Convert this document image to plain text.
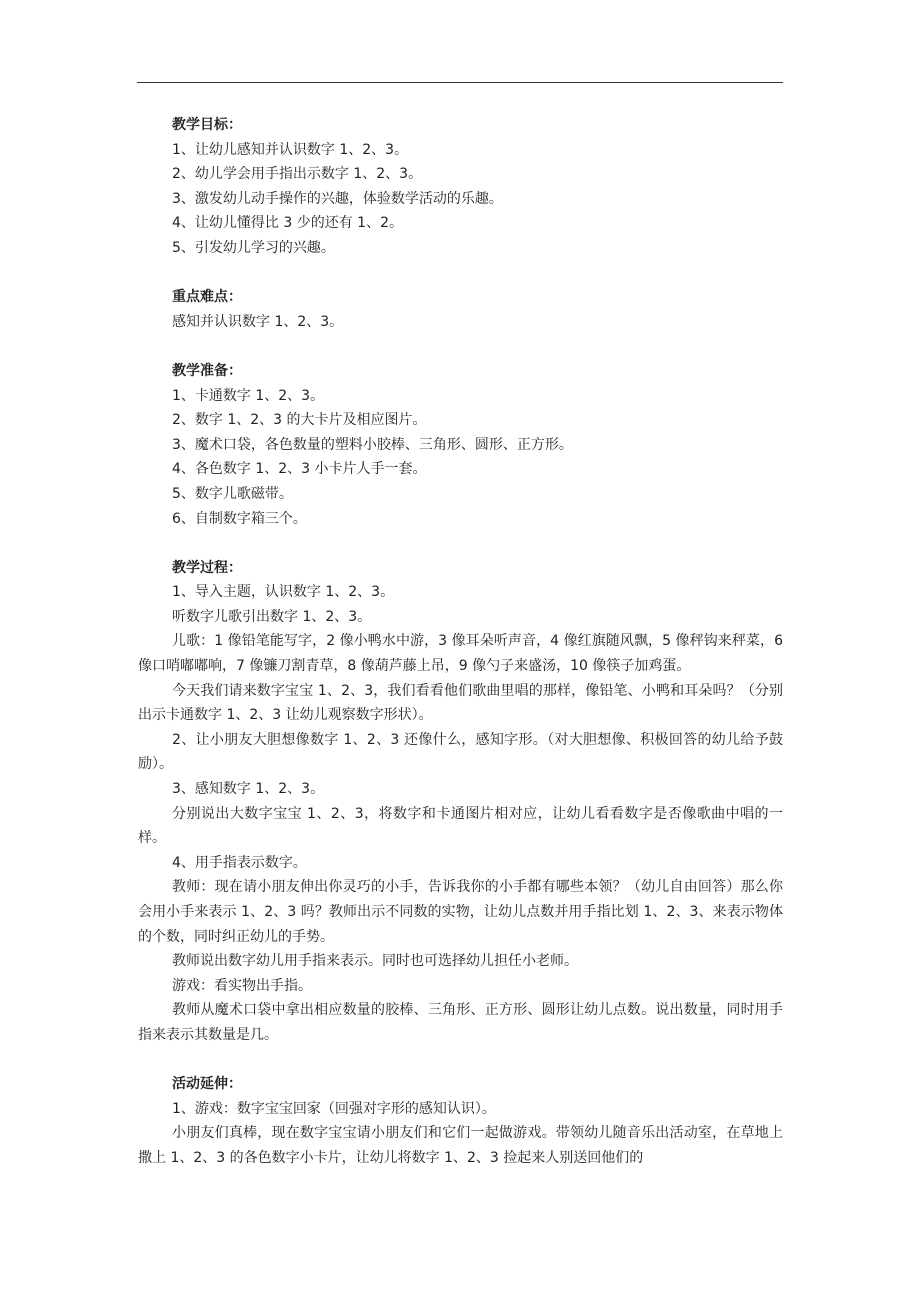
教学目标：

1、让幼儿感知并认识数字 1、2、3。

2、幼儿学会用手指出示数字 1、2、3。

3、激发幼儿动手操作的兴趣，体验数学活动的乐趣。

4、让幼儿懂得比 3 少的还有 1、2。

5、引发幼儿学习的兴趣。

重点难点：

感知并认识数字 1、2、3。

教学准备：

1、卡通数字 1、2、3。

2、数字 1、2、3 的大卡片及相应图片。

3、魔术口袋，各色数量的塑料小胶棒、三角形、圆形、正方形。

4、各色数字 1、2、3 小卡片人手一套。

5、数字儿歌磁带。

6、自制数字箱三个。

教学过程：

1、导入主题，认识数字 1、2、3。

听数字儿歌引出数字 1、2、3。

儿歌：1 像铅笔能写字，2 像小鸭水中游，3 像耳朵听声音，4 像红旗随风飘，5 像秤钩来秤菜，6 像口哨嘟嘟响，7 像镰刀割青草，8 像葫芦藤上吊，9 像勺子来盛汤，10 像筷子加鸡蛋。

今天我们请来数字宝宝 1、2、3，我们看看他们歌曲里唱的那样，像铅笔、小鸭和耳朵吗？（分别出示卡通数字 1、2、3 让幼儿观察数字形状）。

2、让小朋友大胆想像数字 1、2、3 还像什么，感知字形。（对大胆想像、积极回答的幼儿给予鼓励）。

3、感知数字 1、2、3。

分别说出大数字宝宝 1、2、3，将数字和卡通图片相对应，让幼儿看看数字是否像歌曲中唱的一样。

4、用手指表示数字。

教师：现在请小朋友伸出你灵巧的小手，告诉我你的小手都有哪些本领？（幼儿自由回答）那么你会用小手来表示 1、2、3 吗？教师出示不同数的实物，让幼儿点数并用手指比划 1、2、3、来表示物体的个数，同时纠正幼儿的手势。

教师说出数字幼儿用手指来表示。同时也可选择幼儿担任小老师。

游戏：看实物出手指。

教师从魔术口袋中拿出相应数量的胶棒、三角形、正方形、圆形让幼儿点数。说出数量，同时用手指来表示其数量是几。

活动延伸：

1、游戏：数字宝宝回家（回强对字形的感知认识）。

小朋友们真棒，现在数字宝宝请小朋友们和它们一起做游戏。带领幼儿随音乐出活动室，在草地上撒上 1、2、3 的各色数字小卡片，让幼儿将数字 1、2、3 捡起来人别送回他们的
